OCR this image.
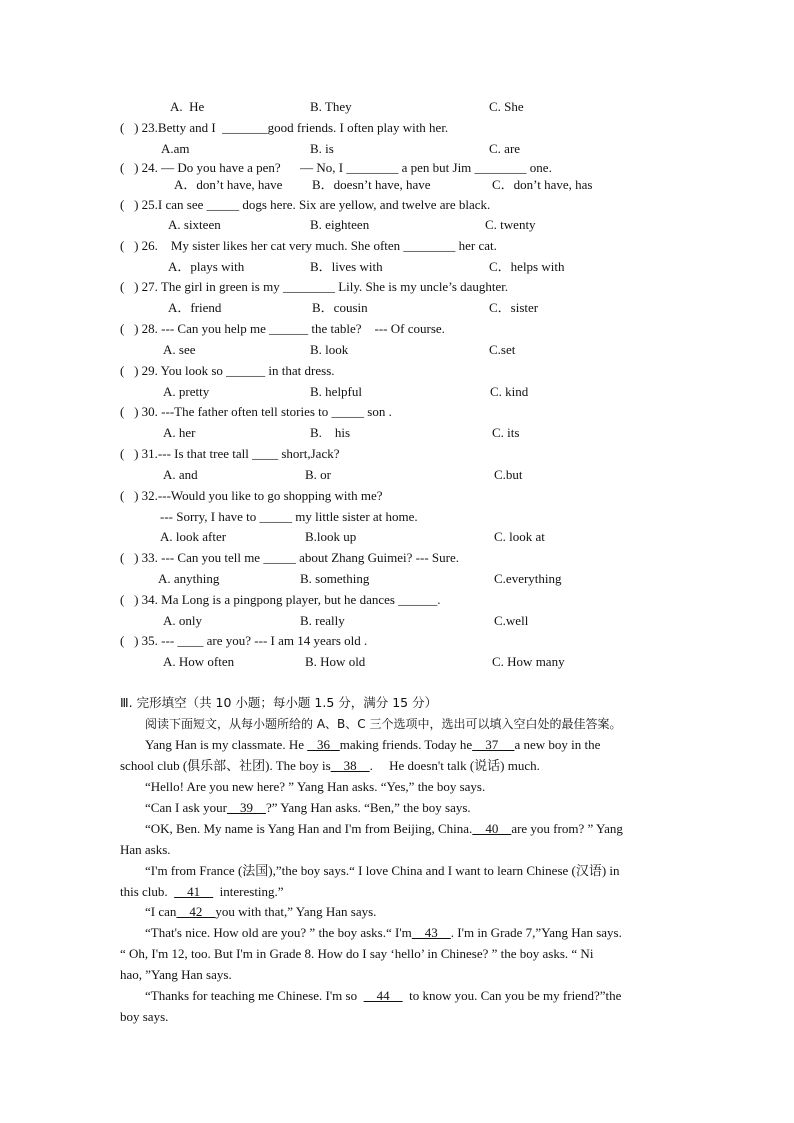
A.  He	B. They	C. She
(   ) 23.Betty and I  _______good friends. I often play with her.
A.am	B. is	C. are
(   ) 24. — Do you have a pen?      — No, I ________ a pen but Jim ________ one.
A．don’t have, have B．doesn’t have, have	C．don’t have, has
(   ) 25.I can see _____ dogs here. Six are yellow, and twelve are black.
A. sixteen	B. eighteen	C. twenty
(   ) 26.    My sister likes her cat very much. She often ________ her cat.
A．plays with	B．lives with	C．helps with
(   ) 27. The girl in green is my ________ Lily. She is my uncle’s daughter.
A．friend	B．cousin	C．sister
(   ) 28. --- Can you help me ______ the table?    --- Of course.
A. see	B. look	C.set
(   ) 29. You look so ______ in that dress.
A. pretty	B. helpful	C. kind
(   ) 30. ---The father often tell stories to _____ son .
A. her	B.    his	C. its
(   ) 31.--- Is that tree tall ____ short,Jack?
A. and	B. or	C.but
(   ) 32.---Would you like to go shopping with me?
--- Sorry, I have to _____ my little sister at home.
A. look after	B.look up	C. look at
(   ) 33. --- Can you tell me _____ about Zhang Guimei? --- Sure.
A. anything	B. something	C.everything
(   ) 34. Ma Long is a pingpong player, but he dances ______.
A. only	B. really	C.well
(   ) 35. --- ____ are you? --- I am 14 years old .
A. How often	B. How old	C. How many
Ⅲ. 完形填空（共 10 小题；每小题 1.5 分，满分 15 分）
阅读下面短文，从每小题所给的 A、B、C 三个选项中，选出可以填入空白处的最佳答案。
Yang Han is my classmate. He    36   making friends. Today he    37     a new boy in the
school club (俱乐部、社团). The boy is    38    .     He doesn't talk (说话) much.
“Hello! Are you new here? ” Yang Han asks. “Yes,” the boy says.
“Can I ask your    39    ?” Yang Han asks. “Ben,” the boy says.
“OK, Ben. My name is Yang Han and I'm from Beijing, China.    40    are you from? ” Yang
Han asks.
“I'm from France (法国),”the boy says.“ I love China and I want to learn Chinese (汉语) in
this club.      41      interesting.”
“I can    42    you with that,” Yang Han says.
“That's nice. How old are you? ” the boy asks.“ I'm    43    . I'm in Grade 7,”Yang Han says.
“ Oh, I'm 12, too. But I'm in Grade 8. How do I say ‘hello’ in Chinese? ” the boy asks. “ Ni
hao, ”Yang Han says.
“Thanks for teaching me Chinese. I'm so      44      to know you. Can you be my friend?”the
boy says.
